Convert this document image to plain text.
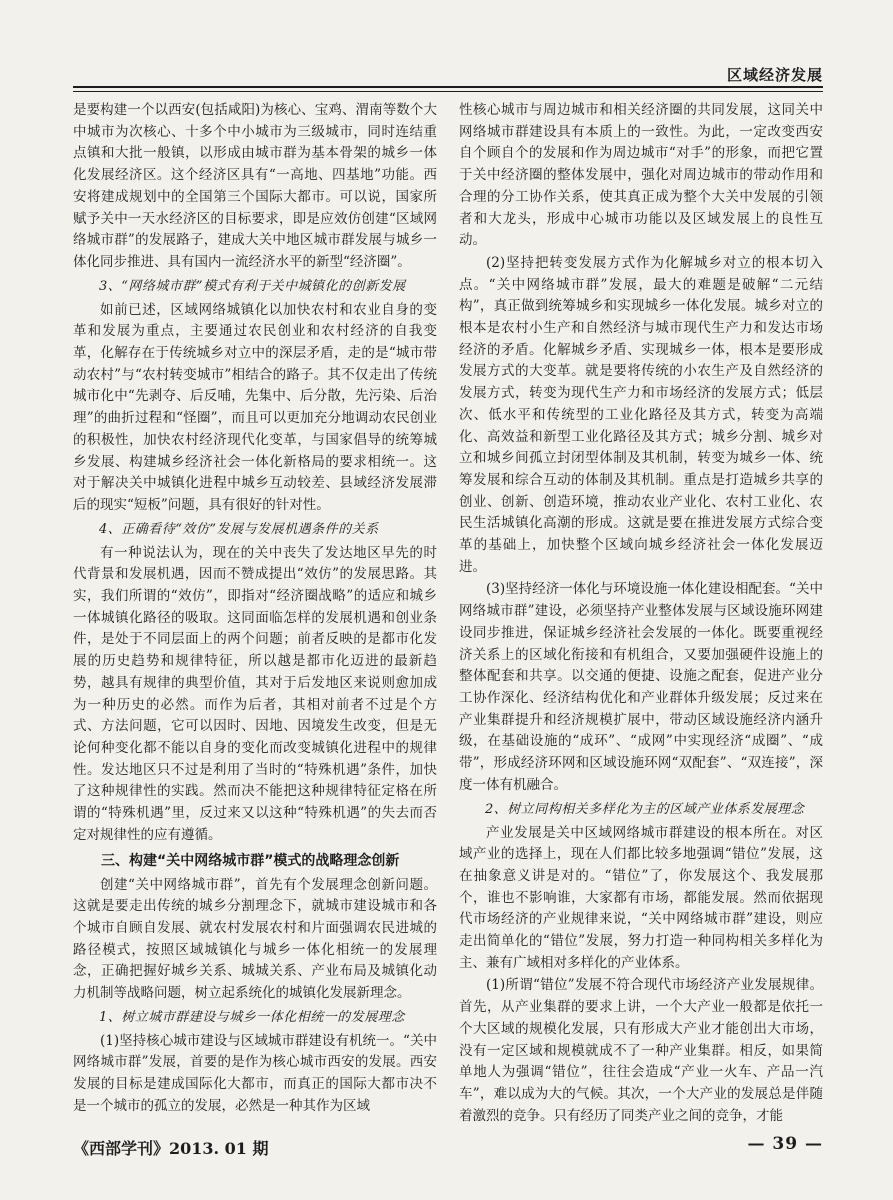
区域经济发展

是要构建一个以西安(包括咸阳)为核心、宝鸡、渭南等数个大中城市为次核心、十多个中小城市为三级城市，同时连结重点镇和大批一般镇，以形成由城市群为基本骨架的城乡一体化发展经济区。这个经济区具有“一高地、四基地”功能。西安将建成规划中的全国第三个国际大都市。可以说，国家所赋予关中一天水经济区的目标要求，即是应效仿创建“区域网络城市群”的发展路子，建成大关中地区城市群发展与城乡一体化同步推进、具有国内一流经济水平的新型“经济圈”。

3、“网络城市群”模式有利于关中城镇化的创新发展

如前已述，区域网络城镇化以加快农村和农业自身的变革和发展为重点，主要通过农民创业和农村经济的自我变革，化解存在于传统城乡对立中的深层矛盾，走的是“城市带动农村”与“农村转变城市”相结合的路子。其不仅走出了传统城市化中“先剥夺、后反哺，先集中、后分散，先污染、后治理”的曲折过程和“怪圈”，而且可以更加充分地调动农民创业的积极性，加快农村经济现代化变革，与国家倡导的统筹城乡发展、构建城乡经济社会一体化新格局的要求相统一。这对于解决关中城镇化进程中城乡互动较差、县域经济发展滞后的现实“短板”问题，具有很好的针对性。

4、正确看待“效仿”发展与发展机遇条件的关系

有一种说法认为，现在的关中丧失了发达地区早先的时代背景和发展机遇，因而不赞成提出“效仿”的发展思路。其实，我们所谓的“效仿”，即指对“经济圈战略”的适应和城乡一体城镇化路径的吸取。这同面临怎样的发展机遇和创业条件，是处于不同层面上的两个问题；前者反映的是都市化发展的历史趋势和规律特征，所以越是都市化迈进的最新趋势，越具有规律的典型价值，其对于后发地区来说则愈加成为一种历史的必然。而作为后者，其相对前者不过是个方式、方法问题，它可以因时、因地、因境发生改变，但是无论何种变化都不能以自身的变化而改变城镇化进程中的规律性。发达地区只不过是利用了当时的“特殊机遇”条件，加快了这种规律性的实践。然而决不能把这种规律特征定格在所谓的“特殊机遇”里，反过来又以这种“特殊机遇”的失去而否定对规律性的应有遵循。

三、构建“关中网络城市群”模式的战略理念创新

创建“关中网络城市群”，首先有个发展理念创新问题。这就是要走出传统的城乡分割理念下，就城市建设城市和各个城市自顾自发展、就农村发展农村和片面强调农民进城的路径模式，按照区域城镇化与城乡一体化相统一的发展理念，正确把握好城乡关系、城城关系、产业布局及城镇化动力机制等战略问题，树立起系统化的城镇化发展新理念。

1、树立城市群建设与城乡一体化相统一的发展理念

(1)坚持核心城市建设与区域城市群建设有机统一。“关中网络城市群”发展，首要的是作为核心城市西安的发展。西安发展的目标是建成国际化大都市，而真正的国际大都市决不是一个城市的孤立的发展，必然是一种其作为区域

性核心城市与周边城市和相关经济圈的共同发展，这同关中网络城市群建设具有本质上的一致性。为此，一定改变西安自个顾自个的发展和作为周边城市“对手”的形象，而把它置于关中经济圈的整体发展中，强化对周边城市的带动作用和合理的分工协作关系，使其真正成为整个大关中发展的引领者和大龙头，形成中心城市功能以及区域发展上的良性互动。

(2)坚持把转变发展方式作为化解城乡对立的根本切入点。“关中网络城市群”发展，最大的难题是破解“二元结构”，真正做到统筹城乡和实现城乡一体化发展。城乡对立的根本是农村小生产和自然经济与城市现代生产力和发达市场经济的矛盾。化解城乡矛盾、实现城乡一体，根本是要形成发展方式的大变革。就是要将传统的小农生产及自然经济的发展方式，转变为现代生产力和市场经济的发展方式；低层次、低水平和传统型的工业化路径及其方式，转变为高端化、高效益和新型工业化路径及其方式；城乡分割、城乡对立和城乡间孤立封闭型体制及其机制，转变为城乡一体、统筹发展和综合互动的体制及其机制。重点是打造城乡共享的创业、创新、创造环境，推动农业产业化、农村工业化、农民生活城镇化高潮的形成。这就是要在推进发展方式综合变革的基础上，加快整个区域向城乡经济社会一体化发展迈进。

(3)坚持经济一体化与环境设施一体化建设相配套。“关中网络城市群”建设，必须坚持产业整体发展与区域设施环网建设同步推进，保证城乡经济社会发展的一体化。既要重视经济关系上的区域化衔接和有机组合，又要加强硬件设施上的整体配套和共享。以交通的便捷、设施之配套，促进产业分工协作深化、经济结构优化和产业群体升级发展；反过来在产业集群提升和经济规模扩展中，带动区域设施经济内涵升级，在基础设施的“成环”、“成网”中实现经济“成圈”、“成带”，形成经济环网和区域设施环网“双配套”、“双连接”，深度一体有机融合。

2、树立同构相关多样化为主的区域产业体系发展理念

产业发展是关中区域网络城市群建设的根本所在。对区域产业的选择上，现在人们都比较多地强调“错位”发展，这在抽象意义讲是对的。“错位”了，你发展这个、我发展那个，谁也不影响谁，大家都有市场，都能发展。然而依据现代市场经济的产业规律来说，“关中网络城市群”建设，则应走出简单化的“错位”发展，努力打造一种同构相关多样化为主、兼有广域相对多样化的产业体系。

(1)所谓“错位”发展不符合现代市场经济产业发展规律。首先，从产业集群的要求上讲，一个大产业一般都是依托一个大区域的规模化发展，只有形成大产业才能创出大市场，没有一定区域和规模就成不了一种产业集群。相反，如果简单地人为强调“错位”，往往会造成“产业一火车、产品一汽车”，难以成为大的气候。其次，一个大产业的发展总是伴随着激烈的竞争。只有经历了同类产业之间的竞争，才能

《西部学刊》2013. 01 期	— 39 —
